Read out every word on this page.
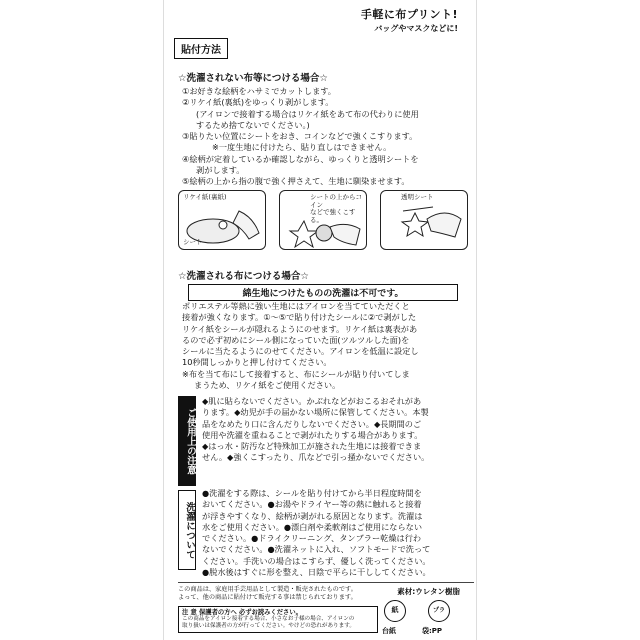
手軽に布プリント!
バッグやマスクなどに!
貼付方法
☆洗濯されない布等につける場合☆
①お好きな絵柄をハサミでカットします。
②リケイ紙(裏紙)をゆっくり剥がします。
(アイロンで接着する場合はリケイ紙をあて布の代わりに使用
するため捨てないでください。)
③貼りたい位置にシートをおき、コインなどで強くこすります。
※一度生地に付けたら、貼り直しはできません。
④絵柄が定着しているか確認しながら、ゆっくりと透明シートを
剥がします。
⑤絵柄の上から指の腹で強く押さえて、生地に馴染ませます。
リケイ紙(裏紙)
シート
シートの上からコイン
などで強くこする。
透明シート
☆洗濯される布につける場合☆
綿生地につけたものの洗濯は不可です。
ポリエステル等熱に強い生地にはアイロンを当てていただくと
接着が強くなります。①〜⑤で貼り付けたシールに②で剥がした
リケイ紙をシールが隠れるようにのせます。リケイ紙は裏表があ
るので必ず初めにシール側になっていた面(ツルツルした面)を
シールに当たるようにのせてください。アイロンを低温に設定し
10秒間しっかりと押し付けてください。
※布を当て布にして接着すると、布にシールが貼り付いてしま
まうため、リケイ紙をご使用ください。
ご使用上の注意
◆肌に貼らないでください。かぶれなどがおこるおそれがあ
ります。◆幼児が手の届かない場所に保管してください。本製
品をなめたり口に含んだりしないでください。◆長期間のご
使用や洗濯を重ねることで剥がれたりする場合があります。
◆はっ水・防汚など特殊加工が施された生地には接着できま
せん。◆強くこすったり、爪などで引っ掻かないでください。
洗濯について
●洗濯をする際は、シールを貼り付けてから半日程度時間を
おいてください。●お湯やドライヤー等の熱に触れると接着
が浮きやすくなり、絵柄が剥がれる原因となります。洗濯は
水をご使用ください。●漂白剤や柔軟剤はご使用にならない
でください。●ドライクリーニング、タンブラー乾燥は行わ
ないでください。●洗濯ネットに入れ、ソフトモードで洗って
ください。手洗いの場合はこすらず、優しく洗ってください。
●脱水後はすぐに形を整え、日陰で平らに干ししてください。
この商品は、家庭用手芸用品として製造・販売されたものです。
よって、他の商品に貼付けて販売する事は禁じられております。
素材:ウレタン樹脂
紙
台紙
プラ
袋:PP
注 意 保護者の方へ 必ずお読みください。
この商品をアイロン接着する場合、小さなお子様の場合、アイロンの
取り扱いは保護者の方が行ってください。やけどの恐れがあります。
